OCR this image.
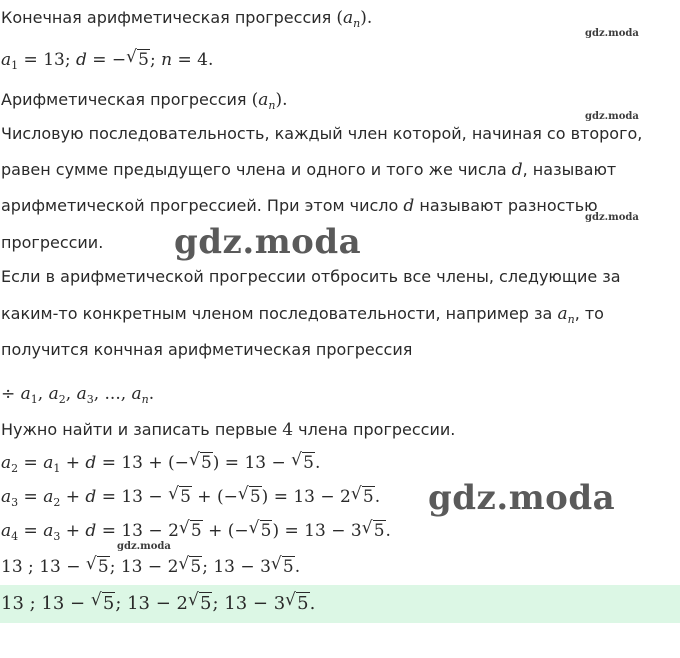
gdz.moda
gdz.moda
gdz.moda
gdz.moda
gdz.moda
gdz.moda
Конечная арифметическая прогрессия $(a_n)$.
$a_1 = 13$; d = −√ 5; n = 4.
Арифметическая прогрессия $(a_n)$.
Числовую последовательность, каждый член которой, начиная со второго,
равен сумме предыдущего члена и одного и того же числа d, называют
арифметической прогрессией. При этом число d называют разностью
прогрессии.
Если в арифметической прогрессии отбросить все члены, следующие за
каким-то конкретным членом последовательности, например за $a_n$, то
получится кончная арифметическая прогрессия
÷ $a_1$, $a_2$, $a_3$, ..., $a_n$.
Нужно найти и записать первые 4 члена прогрессии.
$a_2 = a_1 + d = 13$ + (−√ 5) = 13 − √ 5.
$a_3 = a_2 + d = 13$ − √ 5 + (−√ 5) = 13 − 2√ 5.
$a_4 = a_3 + d = 13 - 2√$ 5 + (−√ 5) = 13 − 3√ 5.
13 ; 13 − √ 5; 13 − 2√ 5; 13 − 3√ 5.
13 ; 13 − √ 5; 13 − 2√ 5; 13 − 3√ 5.
